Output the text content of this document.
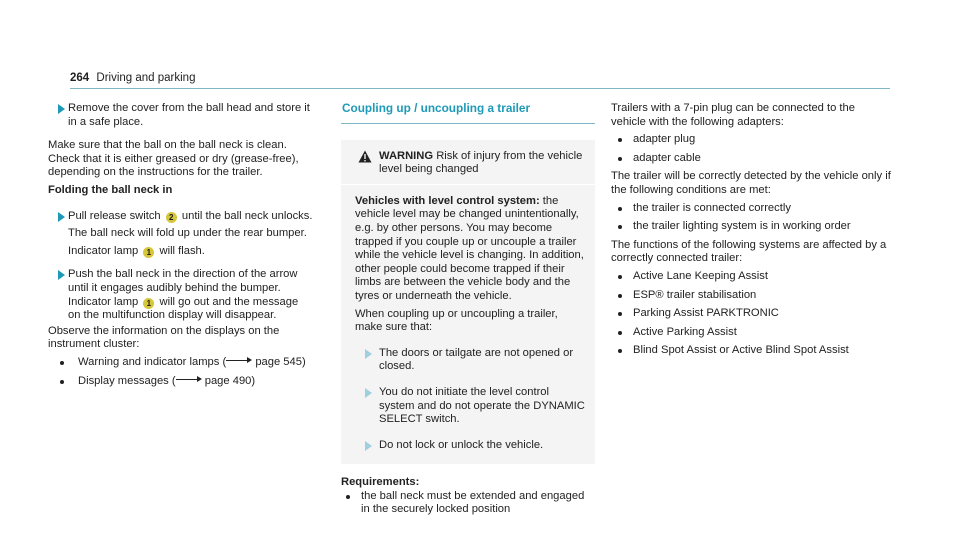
264 Driving and parking

Remove the cover from the ball head and store it in a safe place.

Make sure that the ball on the ball neck is clean. Check that it is either greased or dry (grease-free), depending on the instructions for the trailer.

Folding the ball neck in

Pull release switch 2 until the ball neck unlocks.

The ball neck will fold up under the rear bumper.

Indicator lamp 1 will flash.

Push the ball neck in the direction of the arrow until it engages audibly behind the bumper.

Indicator lamp 1 will go out and the message on the multifunction display will disappear.

Observe the information on the displays on the instrument cluster:

Warning and indicator lamps (	page 545)
Display messages (	page 490)
Coupling up / uncoupling a trailer
WARNING Risk of injury from the vehicle level being changed

Vehicles with level control system: the vehicle level may be changed unintentionally, e.g. by other persons. You may become trapped if you couple up or uncouple a trailer while the vehicle level is changing. In addition, other people could become trapped if their limbs are between the vehicle body and the tyres or underneath the vehicle.

When coupling up or uncoupling a trailer, make sure that:

The doors or tailgate are not opened or closed.

You do not initiate the level control system and do not operate the DYNAMIC SELECT switch.

Do not lock or unlock the vehicle.

Requirements:

the ball neck must be extended and engaged in the securely locked position

Trailers with a 7-pin plug can be connected to the vehicle with the following adapters:

adapter plug
adapter cable

The trailer will be correctly detected by the vehicle only if the following conditions are met:

the trailer is connected correctly
the trailer lighting system is in working order

The functions of the following systems are affected by a correctly connected trailer:

Active Lane Keeping Assist
ESP® trailer stabilisation
Parking Assist PARKTRONIC
Active Parking Assist
Blind Spot Assist or Active Blind Spot Assist
